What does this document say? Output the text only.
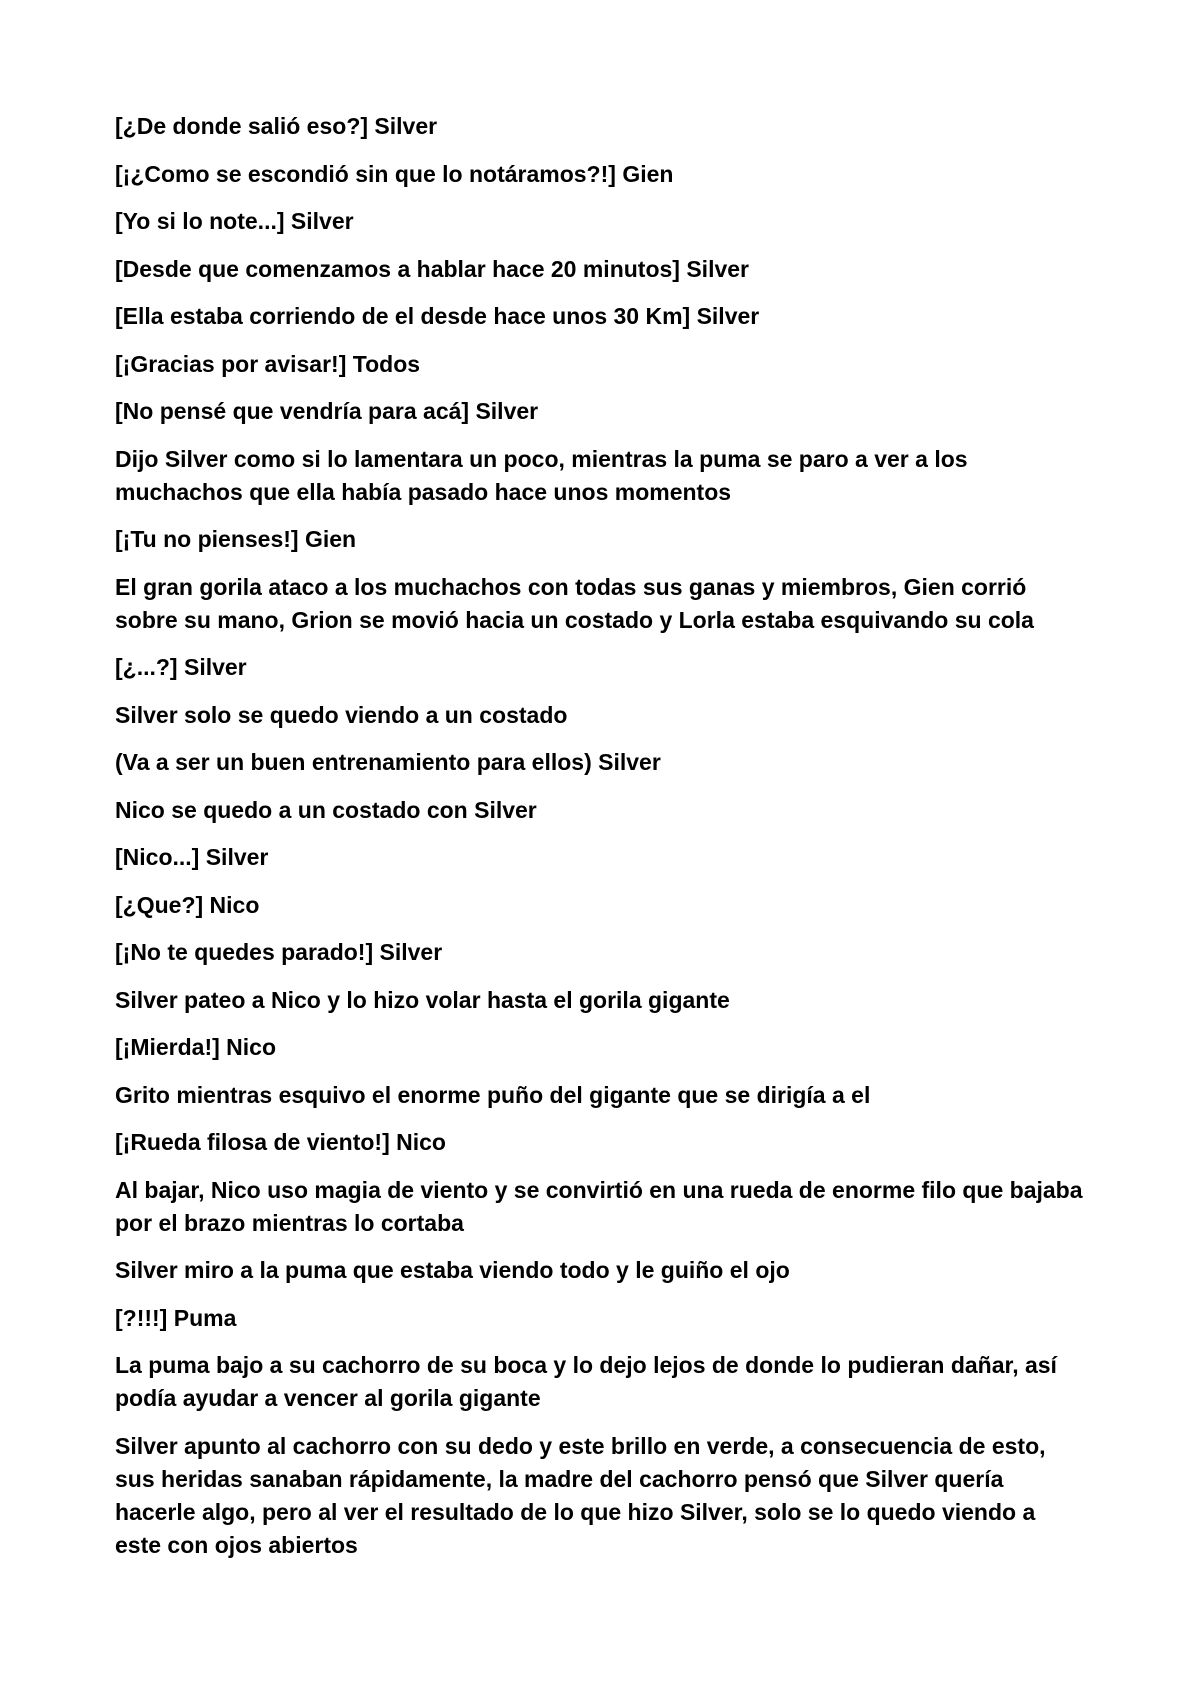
[¿De donde salió eso?] Silver

[¡¿Como se escondió sin que lo notáramos?!] Gien

[Yo si lo note...] Silver

[Desde que comenzamos a hablar hace 20 minutos] Silver

[Ella estaba corriendo de el desde hace unos 30 Km] Silver

[¡Gracias por avisar!] Todos

[No pensé que vendría para acá] Silver

Dijo Silver como si lo lamentara un poco, mientras la puma se paro a ver a los muchachos que ella había pasado hace unos momentos

[¡Tu no pienses!] Gien

El gran gorila ataco a los muchachos con todas sus ganas y miembros, Gien corrió sobre su mano, Grion se movió hacia un costado y Lorla estaba esquivando su cola

[¿...?] Silver

Silver solo se quedo viendo a un costado

(Va a ser un buen entrenamiento para ellos) Silver

Nico se quedo a un costado con Silver

[Nico...] Silver

[¿Que?] Nico

[¡No te quedes parado!] Silver

Silver pateo a Nico y lo hizo volar hasta el gorila gigante

[¡Mierda!] Nico

Grito mientras esquivo el enorme puño del gigante que se dirigía a el

[¡Rueda filosa de viento!] Nico

Al bajar, Nico uso magia de viento y se convirtió en una rueda de enorme filo que bajaba por el brazo mientras lo cortaba

Silver miro a la puma que estaba viendo todo y le guiño el ojo

[?!!!] Puma

La puma bajo a su cachorro de su boca y lo dejo lejos de donde lo pudieran dañar, así podía ayudar a vencer al gorila gigante

Silver apunto al cachorro con su dedo y este brillo en verde, a consecuencia de esto, sus heridas sanaban rápidamente, la madre del cachorro pensó que Silver quería hacerle algo, pero al ver el resultado de lo que hizo Silver, solo se lo quedo viendo a este con ojos abiertos
